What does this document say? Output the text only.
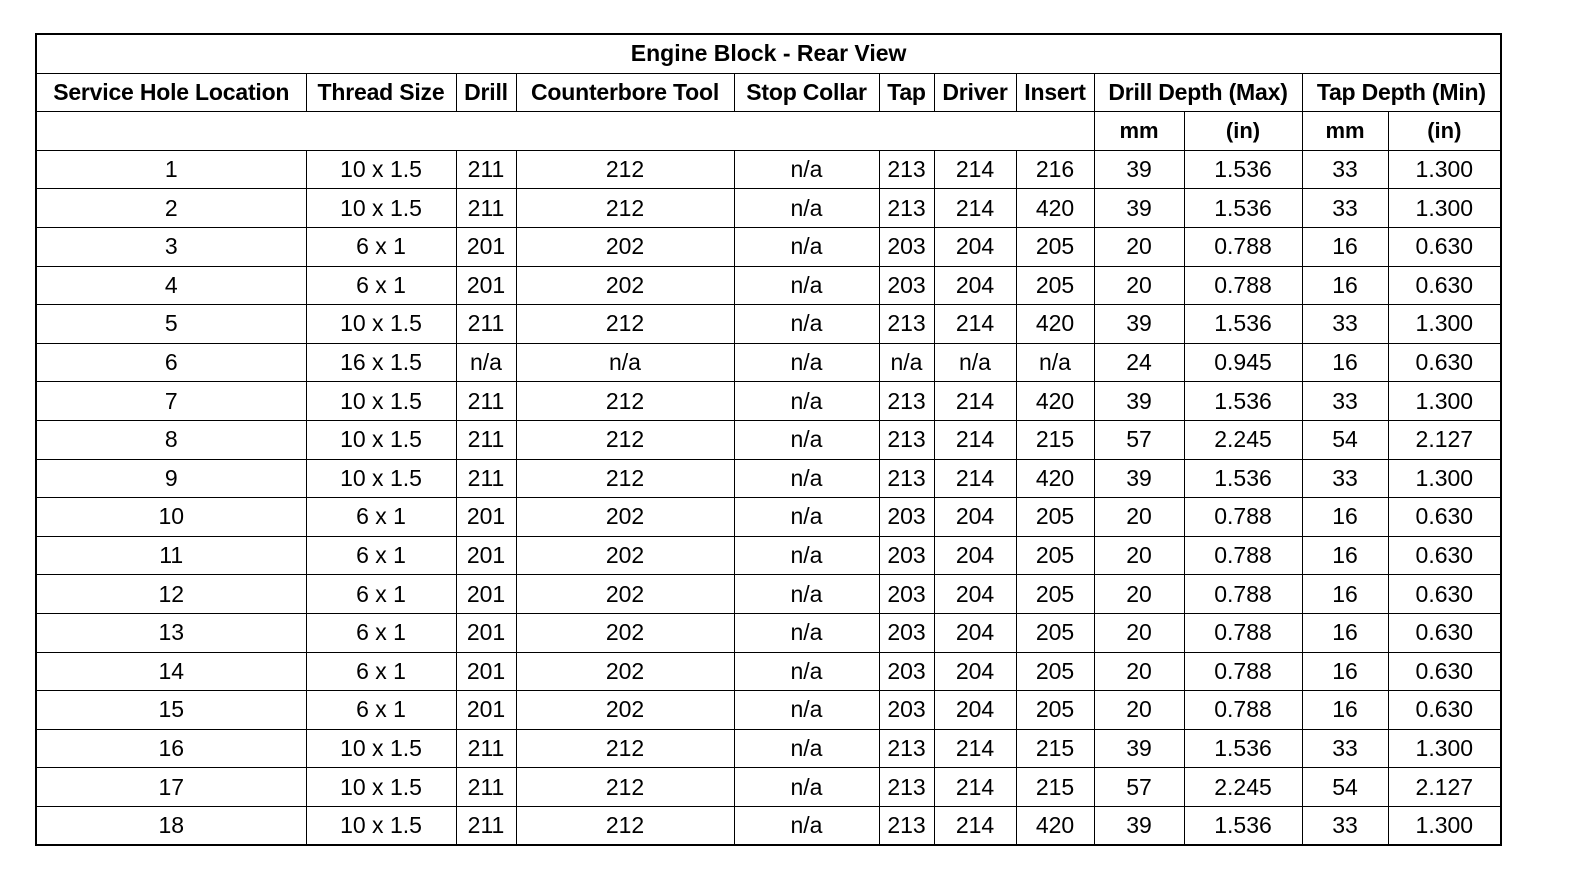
Engine Block - Rear View											
Service Hole Location	Thread Size	Drill	Counterbore Tool	Stop Collar	Tap	Driver	Insert	Drill Depth (Max)		Tap Depth (Min)	
								mm	(in)	mm	(in)
1	10 x 1.5	211	212	n/a	213	214	216	39	1.536	33	1.300
2	10 x 1.5	211	212	n/a	213	214	420	39	1.536	33	1.300
3	6 x 1	201	202	n/a	203	204	205	20	0.788	16	0.630
4	6 x 1	201	202	n/a	203	204	205	20	0.788	16	0.630
5	10 x 1.5	211	212	n/a	213	214	420	39	1.536	33	1.300
6	16 x 1.5	n/a	n/a	n/a	n/a	n/a	n/a	24	0.945	16	0.630
7	10 x 1.5	211	212	n/a	213	214	420	39	1.536	33	1.300
8	10 x 1.5	211	212	n/a	213	214	215	57	2.245	54	2.127
9	10 x 1.5	211	212	n/a	213	214	420	39	1.536	33	1.300
10	6 x 1	201	202	n/a	203	204	205	20	0.788	16	0.630
11	6 x 1	201	202	n/a	203	204	205	20	0.788	16	0.630
12	6 x 1	201	202	n/a	203	204	205	20	0.788	16	0.630
13	6 x 1	201	202	n/a	203	204	205	20	0.788	16	0.630
14	6 x 1	201	202	n/a	203	204	205	20	0.788	16	0.630
15	6 x 1	201	202	n/a	203	204	205	20	0.788	16	0.630
16	10 x 1.5	211	212	n/a	213	214	215	39	1.536	33	1.300
17	10 x 1.5	211	212	n/a	213	214	215	57	2.245	54	2.127
18	10 x 1.5	211	212	n/a	213	214	420	39	1.536	33	1.300
